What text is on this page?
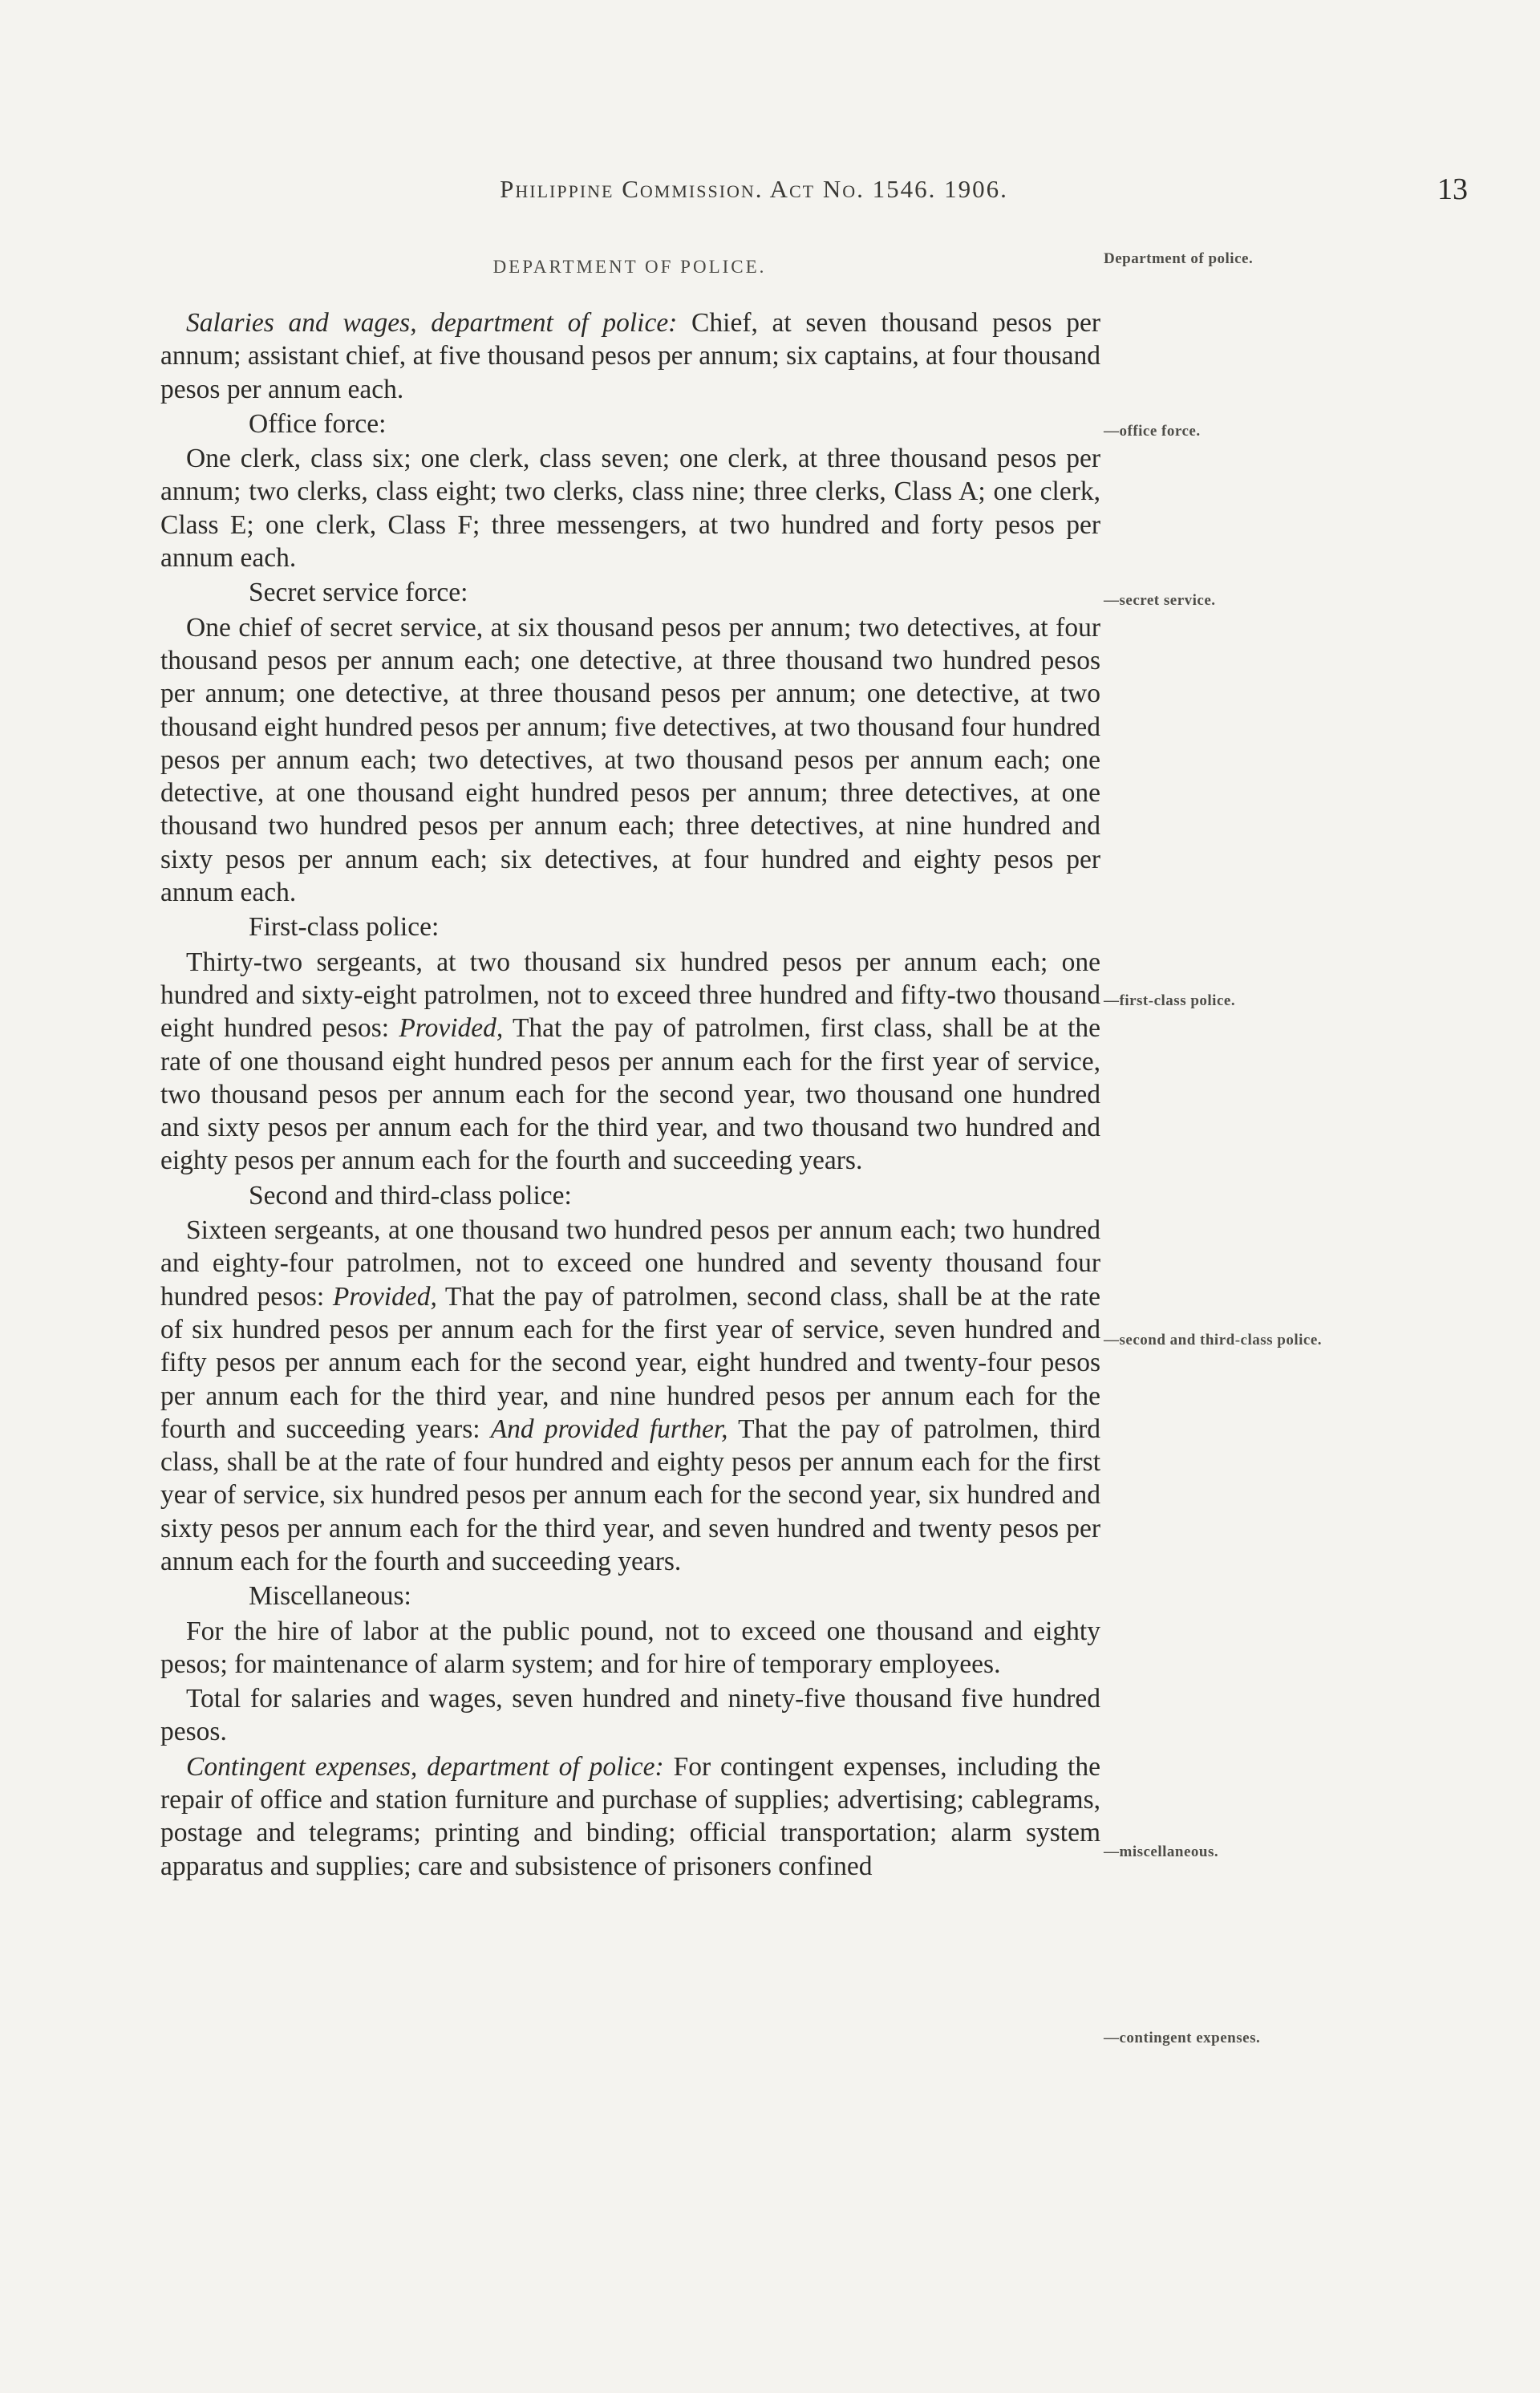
Philippine Commission. Act No. 1546. 1906.	13
DEPARTMENT OF POLICE.	Department of police.
—office force.
—secret service.
—first-class police.
—second and third-class police.
—miscellaneous.
—contingent expenses.

Salaries and wages, department of police: Chief, at seven thousand pesos per annum; assistant chief, at five thousand pesos per annum; six captains, at four thousand pesos per annum each.

Office force:

One clerk, class six; one clerk, class seven; one clerk, at three thousand pesos per annum; two clerks, class eight; two clerks, class nine; three clerks, Class A; one clerk, Class E; one clerk, Class F; three messengers, at two hundred and forty pesos per annum each.

Secret service force:

One chief of secret service, at six thousand pesos per annum; two detectives, at four thousand pesos per annum each; one detective, at three thousand two hundred pesos per annum; one detective, at three thousand pesos per annum; one detective, at two thousand eight hundred pesos per annum; five detectives, at two thousand four hundred pesos per annum each; two detectives, at two thousand pesos per annum each; one detective, at one thousand eight hundred pesos per annum; three detectives, at one thousand two hundred pesos per annum each; three detectives, at nine hundred and sixty pesos per annum each; six detectives, at four hundred and eighty pesos per annum each.

First-class police:

Thirty-two sergeants, at two thousand six hundred pesos per annum each; one hundred and sixty-eight patrolmen, not to exceed three hundred and fifty-two thousand eight hundred pesos: Provided, That the pay of patrolmen, first class, shall be at the rate of one thousand eight hundred pesos per annum each for the first year of service, two thousand pesos per annum each for the second year, two thousand one hundred and sixty pesos per annum each for the third year, and two thousand two hundred and eighty pesos per annum each for the fourth and succeeding years.

Second and third-class police:

Sixteen sergeants, at one thousand two hundred pesos per annum each; two hundred and eighty-four patrolmen, not to exceed one hundred and seventy thousand four hundred pesos: Provided, That the pay of patrolmen, second class, shall be at the rate of six hundred pesos per annum each for the first year of service, seven hundred and fifty pesos per annum each for the second year, eight hundred and twenty-four pesos per annum each for the third year, and nine hundred pesos per annum each for the fourth and succeeding years: And provided further, That the pay of patrolmen, third class, shall be at the rate of four hundred and eighty pesos per annum each for the first year of service, six hundred pesos per annum each for the second year, six hundred and sixty pesos per annum each for the third year, and seven hundred and twenty pesos per annum each for the fourth and succeeding years.

Miscellaneous:

For the hire of labor at the public pound, not to exceed one thousand and eighty pesos; for maintenance of alarm system; and for hire of temporary employees.

Total for salaries and wages, seven hundred and ninety-five thousand five hundred pesos.

Contingent expenses, department of police: For contingent expenses, including the repair of office and station furniture and purchase of supplies; advertising; cablegrams, postage and telegrams; printing and binding; official transportation; alarm system apparatus and supplies; care and subsistence of prisoners confined
